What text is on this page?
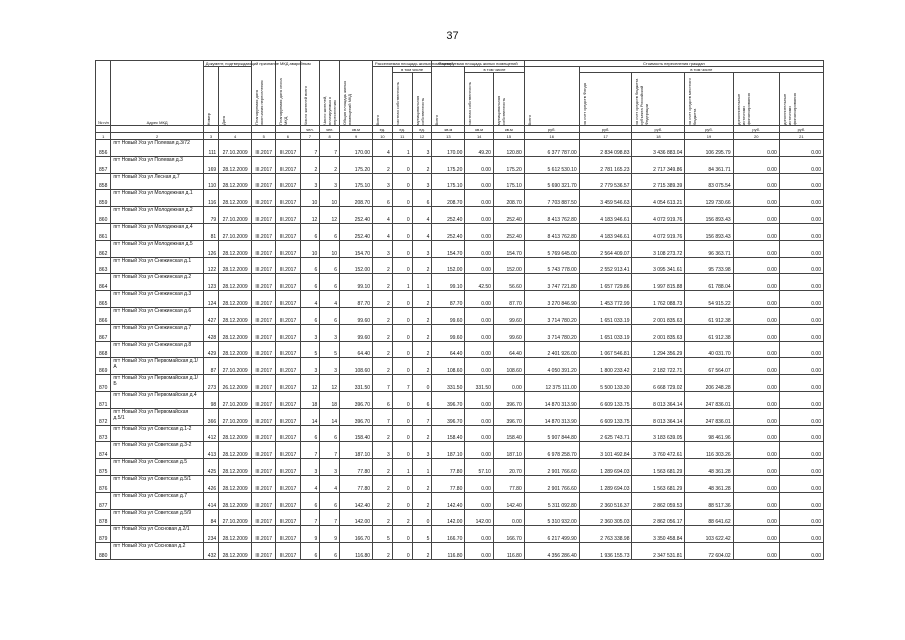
37
№ п/п	Адрес МКД	Документ, подтверждающий признание МКД аварийным		Планируемая дата окончания переселения	Планируемая дата сноса МКД	Число жителей всего	Число жителей, планируемых к переселению	Общая площадь жилых помещений МКД	Расселяемая площадь жилых помещений			Планируемая площадь жилых помещений			Стоимость переселения граждан					

		Номер	Дата						Всего	в том числе		Всего	в том числе		Всего	в том числе				

										частная собственность	муниципальная собственность		частная собственность	муниципальная собственность		за счет средств Фонда	за счет средств бюджета субъекта Российской Федерации	за счет средств местного бюджета	дополнительные источники финансирования	дополнительные источники финансирования

						чел.	чел.	кв.м	ед.	ед.	ед.	кв.м	кв.м	кв.м	руб.	руб.	руб.	руб.	руб.	руб.
1	2	3	4	5	6	7	8	9	10	11	12	13	14	15	16	17	18	19	20	21
856	пгт Новый Уоз ул Полевая д.3/72	111	27.10.2009	III.2017	III.2017	7	7	170.00	4	1	3	170.00	49.20	120.80	6 377 787.00	2 834 098.83	3 436 883.04	106 295.79	0.00	0.00
857	пгт Новый Уоз ул Полевая д.3	169	28.12.2009	III.2017	III.2017	2	2	175.20	2	0	2	175.20	0.00	175.20	5 612 530.10	2 781 165.23	2 717 349.86	84 361.71	0.00	0.00
858	пгт Новый Уоз ул Лесная д.7	110	28.12.2009	III.2017	III.2017	3	3	175.10	3	0	3	175.10	0.00	175.10	5 690 321.70	2 779 536.57	2 715 389.39	83 075.54	0.00	0.00
859	пгт Новый Уоз ул Молодежная д.1	116	28.12.2009	III.2017	III.2017	10	10	208.70	6	0	6	208.70	0.00	208.70	7 703 887.50	3 459 546.63	4 054 613.21	129 730.66	0.00	0.00
860	пгт Новый Уоз ул Молодежная д.2	79	27.10.2009	III.2017	III.2017	12	12	252.40	4	0	4	252.40	0.00	252.40	8 413 762.80	4 183 946.61	4 072 919.76	156 893.43	0.00	0.00
861	пгт Новый Уоз ул Молодежная д.4	81	27.10.2009	III.2017	III.2017	6	6	252.40	4	0	4	252.40	0.00	252.40	8 413 762.80	4 183 946.61	4 072 919.76	156 893.43	0.00	0.00
862	пгт Новый Уоз ул Молодежная д.5	126	28.12.2009	III.2017	III.2017	10	10	154.70	3	0	3	154.70	0.00	154.70	5 769 645.00	2 564 409.07	3 108 273.72	96 363.71	0.00	0.00
863	пгт Новый Уоз ул Снежинская д.1	122	28.12.2009	III.2017	III.2017	6	6	152.00	2	0	2	152.00	0.00	152.00	5 743 778.00	2 552 913.41	3 095 341.61	95 733.98	0.00	0.00
864	пгт Новый Уоз ул Снежинская д.2	123	28.12.2009	III.2017	III.2017	6	6	99.10	2	1	1	99.10	42.50	56.60	3 747 721.80	1 657 729.86	1 997 815.88	61 788.04	0.00	0.00
865	пгт Новый Уоз ул Снежинская д.3	124	28.12.2009	III.2017	III.2017	4	4	87.70	2	0	2	87.70	0.00	87.70	3 270 846.90	1 453 772.99	1 762 088.73	54 915.22	0.00	0.00
866	пгт Новый Уоз ул Снежинская д.6	427	28.12.2009	III.2017	III.2017	6	6	99.60	2	0	2	99.60	0.00	99.60	3 714 780.20	1 651 033.19	2 001 835.63	61 912.38	0.00	0.00
867	пгт Новый Уоз ул Снежинская д.7	428	28.12.2009	III.2017	III.2017	3	3	99.60	2	0	2	99.60	0.00	99.60	3 714 780.20	1 651 033.19	2 001 835.63	61 912.38	0.00	0.00
868	пгт Новый Уоз ул Снежинская д.8	429	28.12.2009	III.2017	III.2017	5	5	64.40	2	0	2	64.40	0.00	64.40	2 401 926.00	1 067 546.81	1 294 356.29	40 031.70	0.00	0.00
869	пгт Новый Уоз ул Первомайская д.1/А	87	27.10.2009	III.2017	III.2017	3	3	108.60	2	0	2	108.60	0.00	108.60	4 050 391.20	1 800 233.42	2 182 722.71	67 564.07	0.00	0.00
870	пгт Новый Уоз ул Первомайская д.1/Б	273	26.12.2009	III.2017	III.2017	12	12	331.50	7	7	0	331.50	331.50	0.00	12 375 111.00	5 500 133.30	6 668 729.02	206 248.28	0.00	0.00
871	пгт Новый Уоз ул Первомайская д.4	98	27.10.2009	III.2017	III.2017	18	18	396.70	6	0	6	396.70	0.00	396.70	14 870 313.90	6 609 133.75	8 013 364.14	247 836.01	0.00	0.00
872	пгт Новый Уоз ул Первомайская д.5/1	366	27.10.2009	III.2017	III.2017	14	14	396.70	7	0	7	396.70	0.00	396.70	14 870 313.90	6 609 133.75	8 013 364.14	247 836.01	0.00	0.00
873	пгт Новый Уоз ул Советская д.1-2	412	28.12.2009	III.2017	III.2017	6	6	158.40	2	0	2	158.40	0.00	158.40	5 907 844.80	2 625 743.71	3 183 639.05	98 461.96	0.00	0.00
874	пгт Новый Уоз ул Советская д.3-2	413	28.12.2009	III.2017	III.2017	7	7	187.10	3	0	3	187.10	0.00	187.10	6 978 258.70	3 101 492.84	3 760 472.61	116 303.26	0.00	0.00
875	пгт Новый Уоз ул Советская д.5	425	28.12.2009	III.2017	III.2017	3	3	77.80	2	1	1	77.80	57.10	20.70	2 901 766.60	1 289 694.03	1 563 681.29	48 361.28	0.00	0.00
876	пгт Новый Уоз ул Советская д.5/1	426	28.12.2009	III.2017	III.2017	4	4	77.80	2	0	2	77.80	0.00	77.80	2 901 766.60	1 289 694.03	1 563 681.29	48 361.28	0.00	0.00
877	пгт Новый Уоз ул Советская д.7	414	28.12.2009	III.2017	III.2017	6	6	142.40	2	0	2	142.40	0.00	142.40	5 311 092.80	2 360 516.37	2 862 059.53	88 517.36	0.00	0.00
878	пгт Новый Уоз ул Советская д.5/9	84	27.10.2009	III.2017	III.2017	7	7	142.00	2	2	0	142.00	142.00	0.00	5 310 932.00	2 360 305.03	2 862 056.17	88 641.62	0.00	0.00
879	пгт Новый Уоз ул Сосновая д.2/1	234	28.12.2009	III.2017	III.2017	9	9	166.70	5	0	5	166.70	0.00	166.70	6 217 499.90	2 763 338.98	3 350 458.84	103 622.42	0.00	0.00
880	пгт Новый Уоз ул Сосновая д.2	432	28.12.2009	III.2017	III.2017	6	6	116.80	2	0	2	116.80	0.00	116.80	4 356 286.40	1 936 155.73	2 347 531.81	72 604.02	0.00	0.00
